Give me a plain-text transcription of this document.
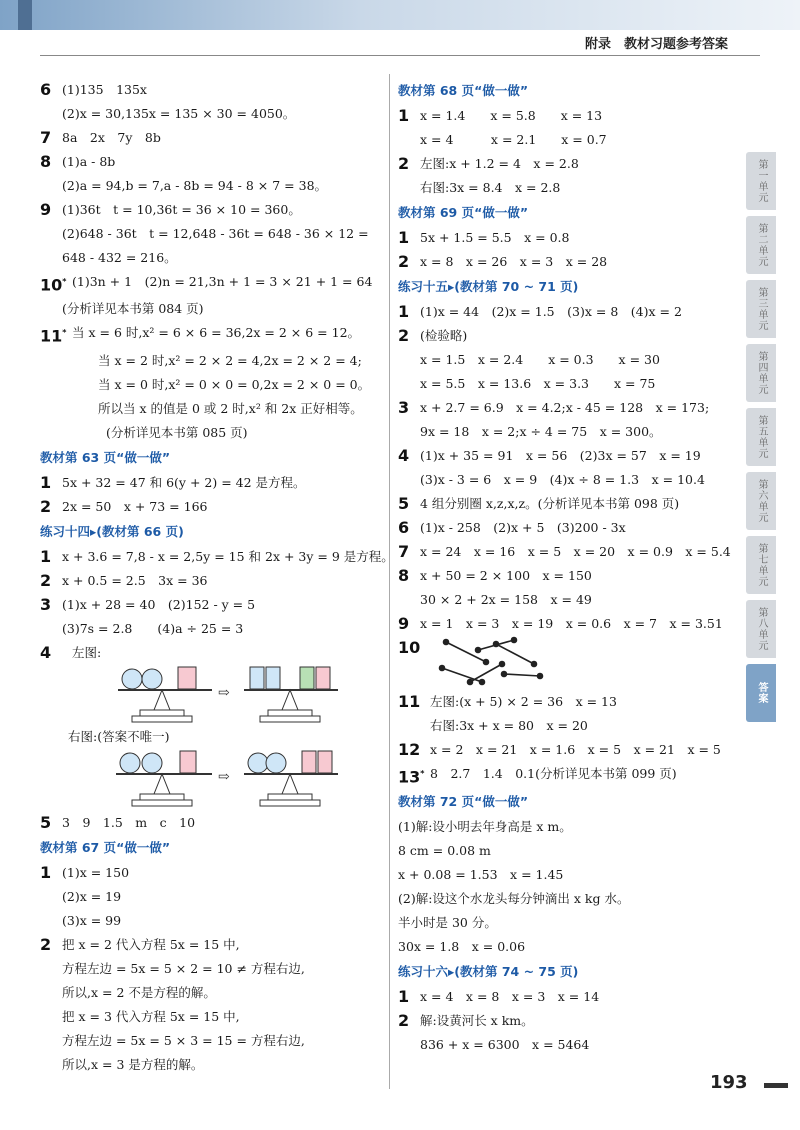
附录　教材习题参考答案
6 (1)135　135x
(2)x = 30,135x = 135 × 30 = 4050。
7 8a　2x　7y　8b
8 (1)a - 8b
(2)a = 94,b = 7,a - 8b = 94 - 8 × 7 = 38。
9 (1)36t　t = 10,36t = 36 × 10 = 360。
(2)648 - 36t　t = 12,648 - 36t = 648 - 36 × 12 =
648 - 432 = 216。
10* (1)3n + 1　(2)n = 21,3n + 1 = 3 × 21 + 1 = 64
(分析详见本书第 084 页)
11* 当 x = 6 时,x² = 6 × 6 = 36,2x = 2 × 6 = 12。
当 x = 2 时,x² = 2 × 2 = 4,2x = 2 × 2 = 4;
当 x = 0 时,x² = 0 × 0 = 0,2x = 2 × 0 = 0。
所以当 x 的值是 0 或 2 时,x² 和 2x 正好相等。
(分析详见本书第 085 页)
教材第 63 页“做一做”
1 5x + 32 = 47 和 6(y + 2) = 42 是方程。
2 2x = 50　x + 73 = 166
练习十四▸(教材第 66 页)
1 x + 3.6 = 7,8 - x = 2,5y = 15 和 2x + 3y = 9 是方程。
2 x + 0.5 = 2.5　3x = 36
3 (1)x + 28 = 40　(2)152 - y = 5
(3)7s = 2.8　　(4)a ÷ 25 = 3
4 左图:
⇨
右图:(答案不唯一)
⇨
5 3　9　1.5　m　c　10
教材第 67 页“做一做”
1 (1)x = 150
(2)x = 19
(3)x = 99
2 把 x = 2 代入方程 5x = 15 中,
方程左边 = 5x = 5 × 2 = 10 ≠ 方程右边,
所以,x = 2 不是方程的解。
把 x = 3 代入方程 5x = 15 中,
方程左边 = 5x = 5 × 3 = 15 = 方程右边,
所以,x = 3 是方程的解。
教材第 68 页“做一做”
1 x = 1.4　　x = 5.8　　x = 13
x = 4　　　x = 2.1　　x = 0.7
2 左图:x + 1.2 = 4　x = 2.8
右图:3x = 8.4　x = 2.8
教材第 69 页“做一做”
1 5x + 1.5 = 5.5　x = 0.8
2 x = 8　x = 26　x = 3　x = 28
练习十五▸(教材第 70 ~ 71 页)
1 (1)x = 44　(2)x = 1.5　(3)x = 8　(4)x = 2
2 (检验略)
x = 1.5　x = 2.4　　x = 0.3　　x = 30
x = 5.5　x = 13.6　x = 3.3　　x = 75
3 x + 2.7 = 6.9　x = 4.2;x - 45 = 128　x = 173;
9x = 18　x = 2;x ÷ 4 = 75　x = 300。
4 (1)x + 35 = 91　x = 56　(2)3x = 57　x = 19
(3)x - 3 = 6　x = 9　(4)x ÷ 8 = 1.3　x = 10.4
5 4 组分别圈 x,z,x,z。(分析详见本书第 098 页)
6 (1)x - 258　(2)x + 5　(3)200 - 3x
7 x = 24　x = 16　x = 5　x = 20　x = 0.9　x = 5.4
8 x + 50 = 2 × 100　x = 150
30 × 2 + 2x = 158　x = 49
9 x = 1　x = 3　x = 19　x = 0.6　x = 7　x = 3.51
10
11 左图:(x + 5) × 2 = 36　x = 13
右图:3x + x = 80　x = 20
12 x = 2　x = 21　x = 1.6　x = 5　x = 21　x = 5
13* 8　2.7　1.4　0.1(分析详见本书第 099 页)
教材第 72 页“做一做”
(1)解:设小明去年身高是 x m。
8 cm = 0.08 m
x + 0.08 = 1.53　x = 1.45
(2)解:设这个水龙头每分钟滴出 x kg 水。
半小时是 30 分。
30x = 1.8　x = 0.06
练习十六▸(教材第 74 ~ 75 页)
1 x = 4　x = 8　x = 3　x = 14
2 解:设黄河长 x km。
836 + x = 6300　x = 5464
第一单元
第二单元
第三单元
第四单元
第五单元
第六单元
第七单元
第八单元
答案
193
